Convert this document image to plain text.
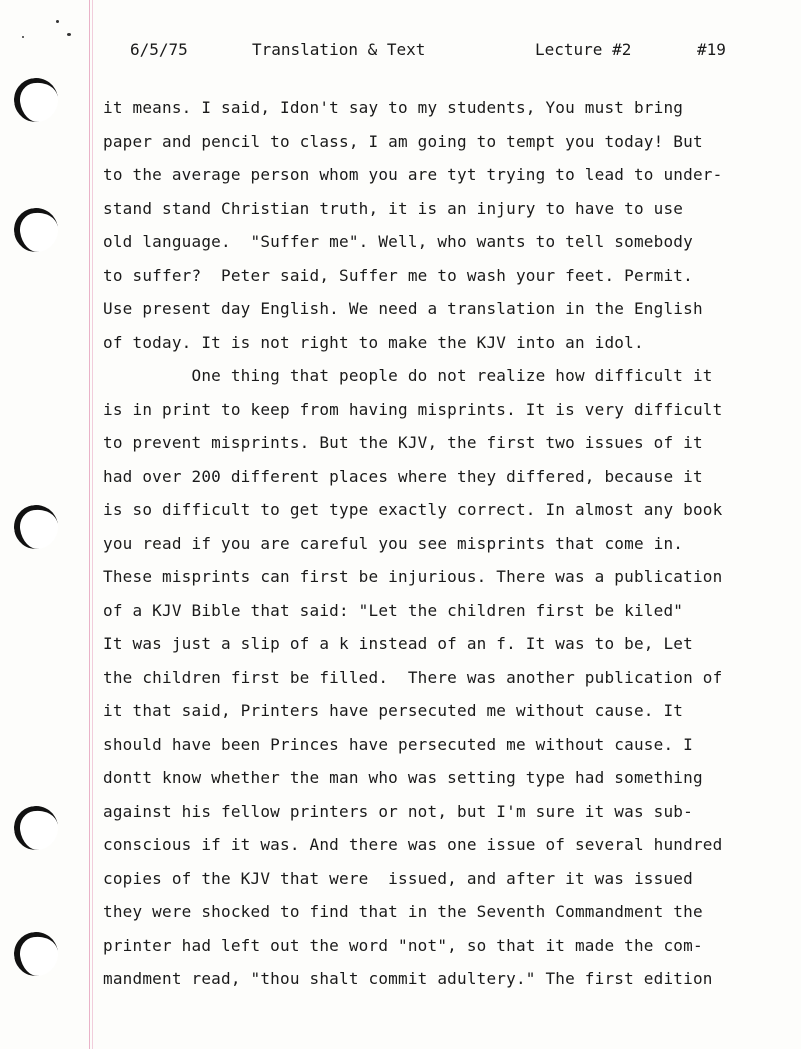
6/5/75	Translation & Text	Lecture #2	#19
it means. I said, Idon't say to my students, You must bring
paper and pencil to class, I am going to tempt you today! But
to the average person whom you are tyt trying to lead to under-
stand stand Christian truth, it is an injury to have to use
old language.  "Suffer me". Well, who wants to tell somebody
to suffer?  Peter said, Suffer me to wash your feet. Permit.
Use present day English. We need a translation in the English
of today. It is not right to make the KJV into an idol.
One thing that people do not realize how difficult it
is in print to keep from having misprints. It is very difficult
to prevent misprints. But the KJV, the first two issues of it
had over 200 different places where they differed, because it
is so difficult to get type exactly correct. In almost any book
you read if you are careful you see misprints that come in.
These misprints can first be injurious. There was a publication
of a KJV Bible that said: "Let the children first be kiled"
It was just a slip of a k instead of an f. It was to be, Let
the children first be filled.  There was another publication of
it that said, Printers have persecuted me without cause. It
should have been Princes have persecuted me without cause. I
dontt know whether the man who was setting type had something
against his fellow printers or not, but I'm sure it was sub-
conscious if it was. And there was one issue of several hundred
copies of the KJV that were  issued, and after it was issued
they were shocked to find that in the Seventh Commandment the
printer had left out the word "not", so that it made the com-
mandment read, "thou shalt commit adultery." The first edition
